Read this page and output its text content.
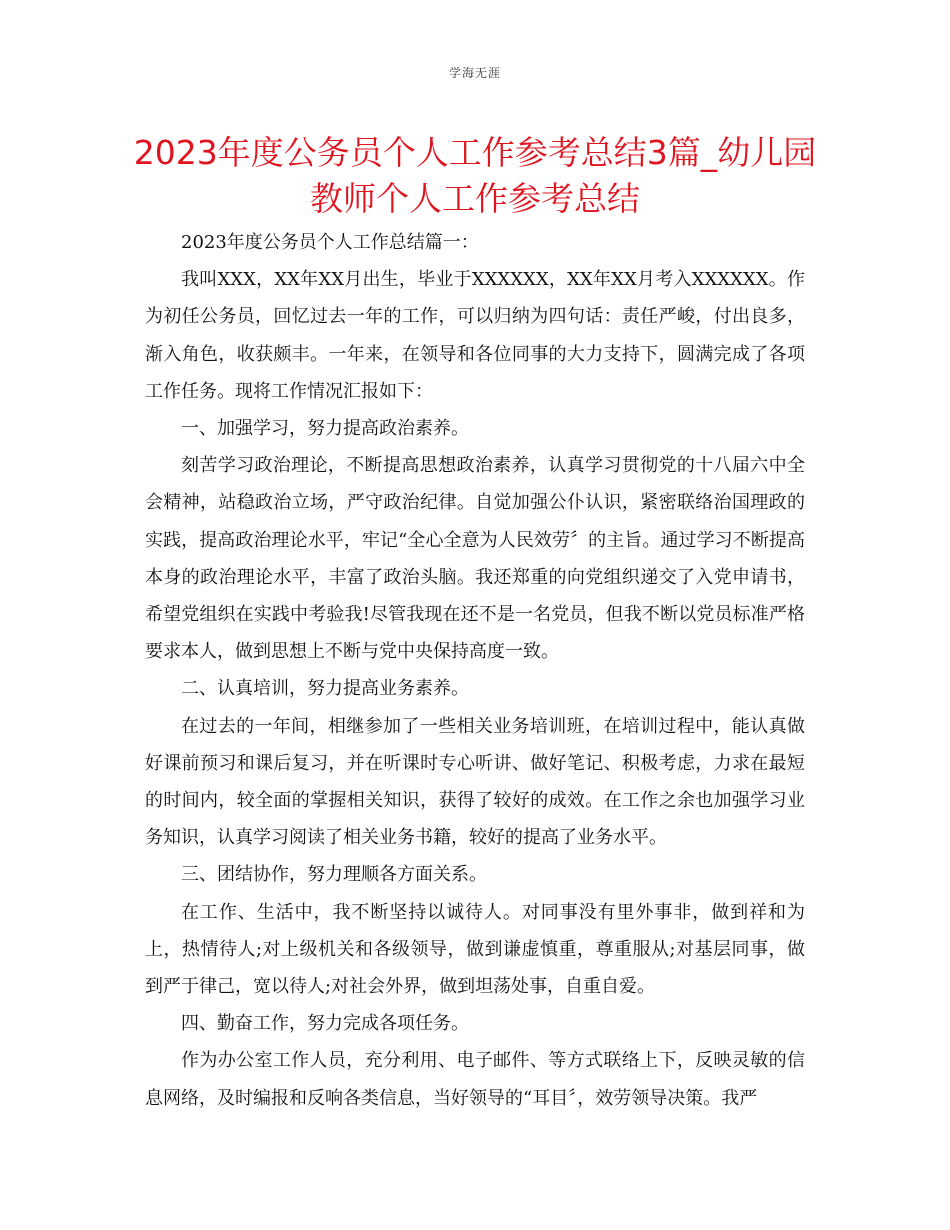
学海无涯
2023年度公务员个人工作参考总结3篇_幼儿园教师个人工作参考总结

2023年度公务员个人工作总结篇一：

我叫XXX，XX年XX月出生，毕业于XXXXXX，XX年XX月考入XXXXXX。作为初任公务员，回忆过去一年的工作，可以归纳为四句话：责任严峻，付出良多，渐入角色，收获颇丰。一年来，在领导和各位同事的大力支持下，圆满完成了各项工作任务。现将工作情况汇报如下：

一、加强学习，努力提高政治素养。

刻苦学习政治理论，不断提高思想政治素养，认真学习贯彻党的十八届六中全会精神，站稳政治立场，严守政治纪律。自觉加强公仆认识，紧密联络治国理政的实践，提高政治理论水平，牢记“全心全意为人民效劳〞的主旨。通过学习不断提高本身的政治理论水平，丰富了政治头脑。我还郑重的向党组织递交了入党申请书，希望党组织在实践中考验我!尽管我现在还不是一名党员，但我不断以党员标准严格要求本人，做到思想上不断与党中央保持高度一致。

二、认真培训，努力提高业务素养。

在过去的一年间，相继参加了一些相关业务培训班，在培训过程中，能认真做好课前预习和课后复习，并在听课时专心听讲、做好笔记、积极考虑，力求在最短的时间内，较全面的掌握相关知识，获得了较好的成效。在工作之余也加强学习业务知识，认真学习阅读了相关业务书籍，较好的提高了业务水平。

三、团结协作，努力理顺各方面关系。

在工作、生活中，我不断坚持以诚待人。对同事没有里外事非，做到祥和为上，热情待人;对上级机关和各级领导，做到谦虚慎重，尊重服从;对基层同事，做到严于律己，宽以待人;对社会外界，做到坦荡处事，自重自爱。

四、勤奋工作，努力完成各项任务。

作为办公室工作人员，充分利用、电子邮件、等方式联络上下，反映灵敏的信息网络，及时编报和反响各类信息，当好领导的“耳目〞，效劳领导决策。我严
